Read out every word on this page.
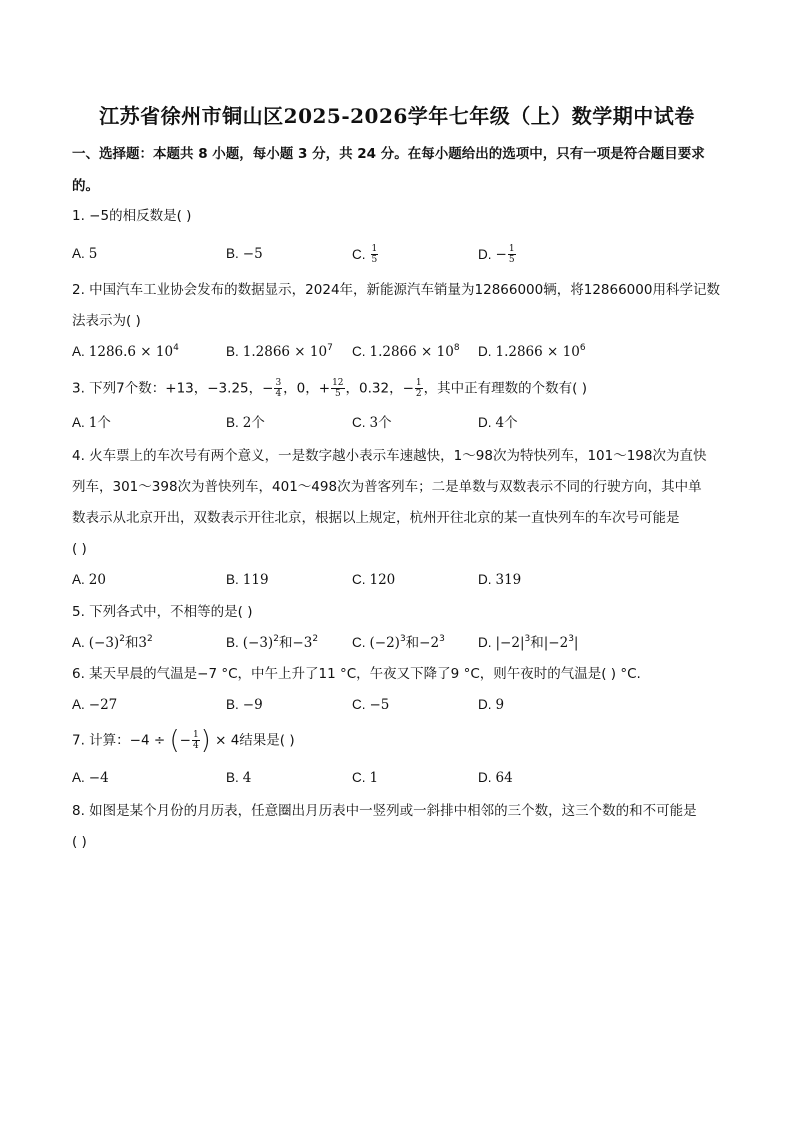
江苏省徐州市铜山区2025-2026学年七年级（上）数学期中试卷
一、选择题：本题共 8 小题，每小题 3 分，共 24 分。在每小题给出的选项中，只有一项是符合题目要求
的。
1. −5的相反数是( )
A. 5	B. −5	C. $\frac{1}{5}$	D. − $\frac{1}{5}$
2. 中国汽车工业协会发布的数据显示，2024年，新能源汽车销量为12866000辆，将12866000用科学记数
法表示为( )
A. $1286.6 \times 10^4$	B. $1.2866 \times 10^7$ C. $1.2866 \times 10^8$ D. $1.2866 \times 10^6$
3. 下列7个数：+13，−3.25，− $\frac{3}{4}$ ，0，+ $\frac{12}{5}$ ，0.32，− $\frac{1}{2}$ ，其中正有理数的个数有( )
A. 1个	B. 2个	C. 3个	D. 4个
4. 火车票上的车次号有两个意义，一是数字越小表示车速越快，1～98次为特快列车，101～198次为直快
列车，301～398次为普快列车，401～498次为普客列车；二是单数与双数表示不同的行驶方向，其中单
数表示从北京开出，双数表示开往北京，根据以上规定，杭州开往北京的某一直快列车的车次号可能是
( )
A. 20	B. 119	C. 120	D. 319
5. 下列各式中，不相等的是( )
A. $(-3)^2$和$3^2$	B. $(-3)^2$和$-3^2$	C. $(-2)^3$和$-2^3$ D. $|-2|^3$和$|-2^3|$
6. 某天早晨的气温是−7 °C，中午上升了11 °C，午夜又下降了9 °C，则午夜时的气温是( ) °C.
A. −27	B. −9	C. −5	D. 9
7. 计算：−4 ÷ (− $\frac{1}{4}$ ) × 4结果是( )
A. −4	B. 4	C. 1	D. 64
8. 如图是某个月份的月历表，任意圈出月历表中一竖列或一斜排中相邻的三个数，这三个数的和不可能是
( )
